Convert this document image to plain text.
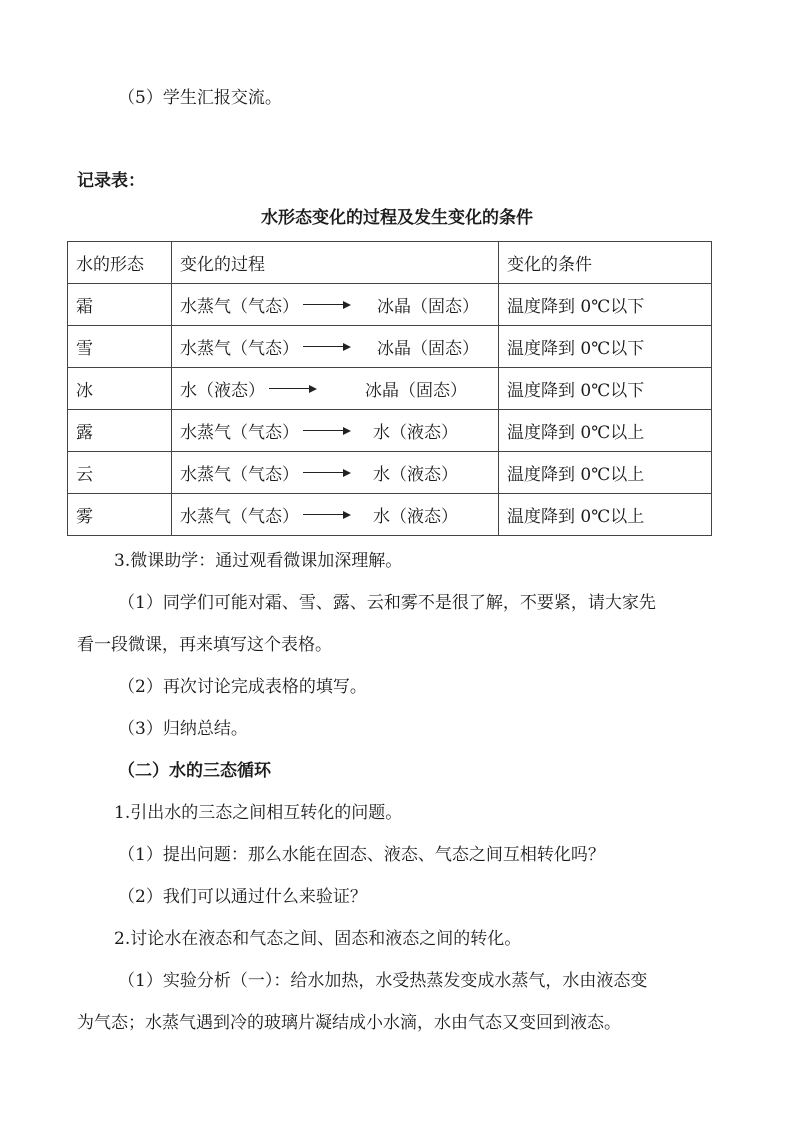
（5）学生汇报交流。
记录表：
水形态变化的过程及发生变化的条件
水的形态	变化的过程	变化的条件
霜	水蒸气（气态） 冰晶（固态）	温度降到 0℃以下
雪	水蒸气（气态） 冰晶（固态）	温度降到 0℃以下
冰	水（液态） 冰晶（固态）	温度降到 0℃以下
露	水蒸气（气态） 水（液态）	温度降到 0℃以上
云	水蒸气（气态） 水（液态）	温度降到 0℃以上
雾	水蒸气（气态） 水（液态）	温度降到 0℃以上
3.微课助学：通过观看微课加深理解。
（1）同学们可能对霜、雪、露、云和雾不是很了解，不要紧，请大家先
看一段微课，再来填写这个表格。
（2）再次讨论完成表格的填写。
（3）归纳总结。
（二）水的三态循环
1.引出水的三态之间相互转化的问题。
（1）提出问题：那么水能在固态、液态、气态之间互相转化吗？
（2）我们可以通过什么来验证？
2.讨论水在液态和气态之间、固态和液态之间的转化。
（1）实验分析（一）：给水加热，水受热蒸发变成水蒸气，水由液态变
为气态；水蒸气遇到冷的玻璃片凝结成小水滴，水由气态又变回到液态。
